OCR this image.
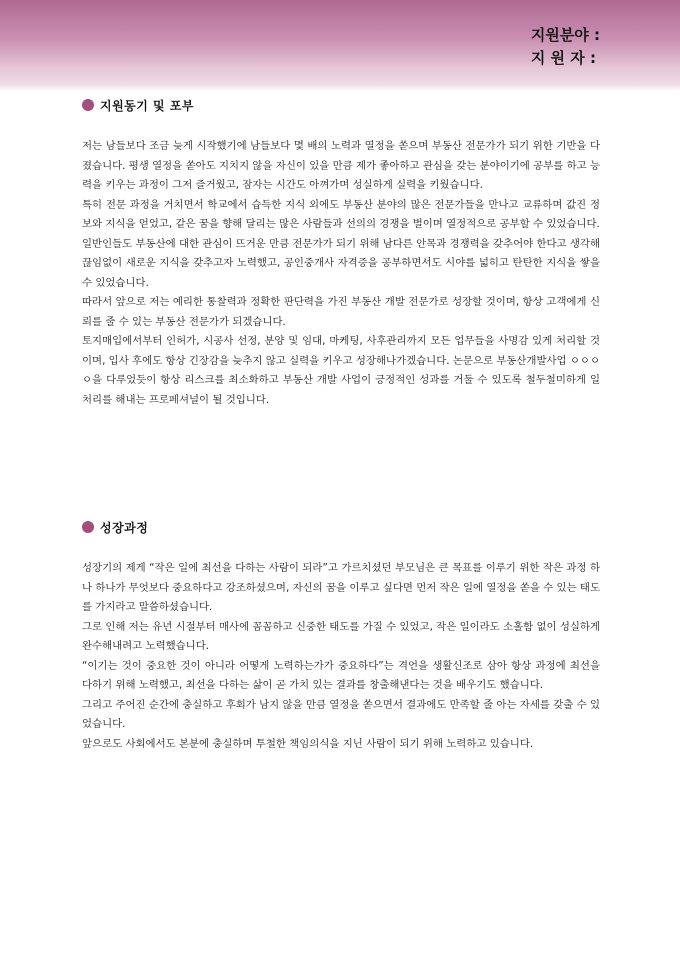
지원분야 :
지 원 자 :
지원동기 및 포부

저는 남들보다 조금 늦게 시작했기에 남들보다 몇 배의 노력과 열정을 쏟으며 부동산 전문가가 되기 위한 기반을 다졌습니다. 평생 열정을 쏟아도 지치지 않을 자신이 있을 만큼 제가 좋아하고 관심을 갖는 분야이기에 공부를 하고 능력을 키우는 과정이 그저 즐거웠고, 잠자는 시간도 아껴가며 성실하게 실력을 키웠습니다.

특히 전문 과정을 거치면서 학교에서 습득한 지식 외에도 부동산 분야의 많은 전문가들을 만나고 교류하며 값진 정보와 지식을 얻었고, 같은 꿈을 향해 달리는 많은 사람들과 선의의 경쟁을 벌이며 열정적으로 공부할 수 있었습니다.

일반인들도 부동산에 대한 관심이 뜨거운 만큼 전문가가 되기 위해 남다른 안목과 경쟁력을 갖추어야 한다고 생각해 끊임없이 새로운 지식을 갖추고자 노력했고, 공인중개사 자격증을 공부하면서도 시야를 넓히고 탄탄한 지식을 쌓을 수 있었습니다.

따라서 앞으로 저는 예리한 통찰력과 정확한 판단력을 가진 부동산 개발 전문가로 성장할 것이며, 항상 고객에게 신뢰를 줄 수 있는 부동산 전문가가 되겠습니다.

토지매입에서부터 인허가, 시공사 선정, 분양 및 임대, 마케팅, 사후관리까지 모든 업무들을 사명감 있게 처리할 것이며, 입사 후에도 항상 긴장감을 늦추지 않고 실력을 키우고 성장해나가겠습니다. 논문으로 부동산개발사업 ㅇㅇㅇㅇ을 다루었듯이 항상 리스크를 최소화하고 부동산 개발 사업이 긍정적인 성과를 거둘 수 있도록 철두철미하게 일 처리를 해내는 프로페셔널이 될 것입니다.

성장과정

성장기의 제게 “작은 일에 최선을 다하는 사람이 되라”고 가르치셨던 부모님은 큰 목표를 이루기 위한 작은 과정 하나 하나가 무엇보다 중요하다고 강조하셨으며, 자신의 꿈을 이루고 싶다면 먼저 작은 일에 열정을 쏟을 수 있는 태도를 가지라고 말씀하셨습니다.

그로 인해 저는 유년 시절부터 매사에 꼼꼼하고 신중한 태도를 가질 수 있었고, 작은 일이라도 소홀함 없이 성실하게 완수해내려고 노력했습니다.

“이기는 것이 중요한 것이 아니라 어떻게 노력하는가가 중요하다”는 격언을 생활신조로 삼아 항상 과정에 최선을 다하기 위해 노력했고, 최선을 다하는 삶이 곧 가치 있는 결과를 창출해낸다는 것을 배우기도 했습니다.

그리고 주어진 순간에 충실하고 후회가 남지 않을 만큼 열정을 쏟으면서 결과에도 만족할 줄 아는 자세를 갖출 수 있었습니다.

앞으로도 사회에서도 본분에 충실하며 투철한 책임의식을 지닌 사람이 되기 위해 노력하고 있습니다.
